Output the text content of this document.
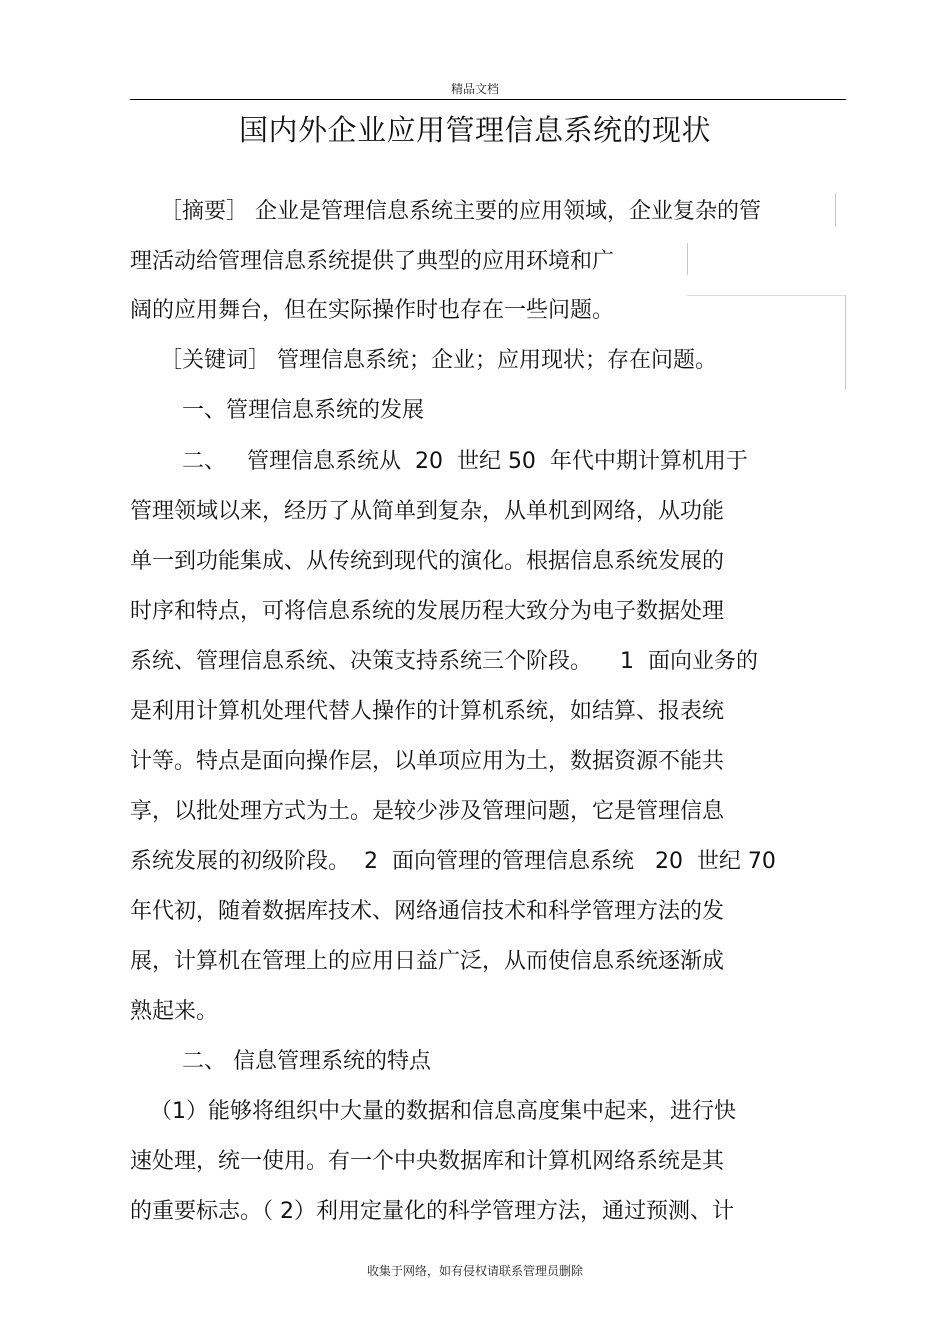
精品文档
国内外企业应用管理信息系统的现状
［摘要］ 企业是管理信息系统主要的应用领域，企业复杂的管
理活动给管理信息系统提供了典型的应用环境和广
阔的应用舞台，但在实际操作时也存在一些问题。
［关键词］ 管理信息系统；企业；应用现状；存在问题。
一、管理信息系统的发展
二、   管理信息系统从  20  世纪 50  年代中期计算机用于
管理领域以来，经历了从简单到复杂，从单机到网络，从功能
单一到功能集成、从传统到现代的演化。根据信息系统发展的
时序和特点，可将信息系统的发展历程大致分为电子数据处理
系统、管理信息系统、决策支持系统三个阶段。    1  面向业务的
是利用计算机处理代替人操作的计算机系统，如结算、报表统
计等。特点是面向操作层，以单项应用为土，数据资源不能共
享，以批处理方式为土。是较少涉及管理问题，它是管理信息
系统发展的初级阶段。  2  面向管理的管理信息系统   20  世纪 70
年代初，随着数据库技术、网络通信技术和科学管理方法的发
展，计算机在管理上的应用日益广泛，从而使信息系统逐渐成
熟起来。
二、 信息管理系统的特点
（1）能够将组织中大量的数据和信息高度集中起来，进行快
速处理，统一使用。有一个中央数据库和计算机网络系统是其
的重要标志。（ 2）利用定量化的科学管理方法，通过预测、计
收集于网络，如有侵权请联系管理员删除
